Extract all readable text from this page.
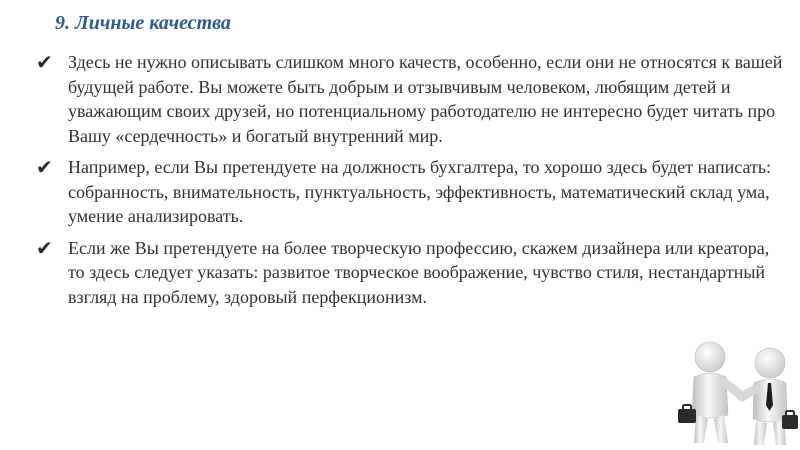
9. Личные качества
✔ Здесь не нужно описывать слишком много качеств, особенно, если они не относятся к вашей будущей работе. Вы можете быть добрым и отзывчивым человеком, любящим детей и уважающим своих друзей, но потенциальному работодателю не интересно будет читать про Вашу «сердечность» и богатый внутренний мир.
✔ Например, если Вы претендуете на должность бухгалтера, то хорошо здесь будет написать: собранность, внимательность, пунктуальность, эффективность, математический склад ума, умение анализировать.
✔ Если же Вы претендуете на более творческую профессию, скажем дизайнера или креатора, то здесь следует указать: развитое творческое воображение, чувство стиля, нестандартный взгляд на проблему, здоровый перфекционизм.
